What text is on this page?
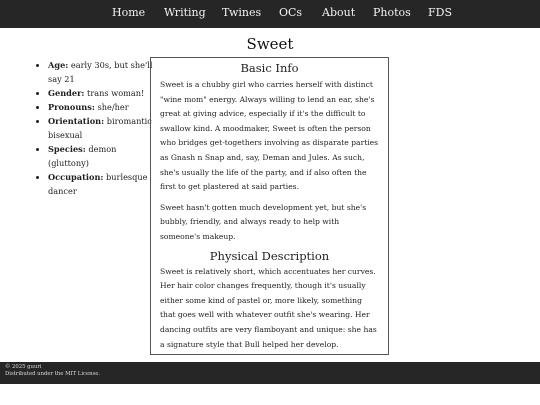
Home Writing Twines OCs About Photos FDS
Sweet
• Age: early 30s, but she'll say 21
• Gender: trans woman!
• Pronouns: she/her
• Orientation: biromantic bisexual
• Species: demon (gluttony)
• Occupation: burlesque dancer
Basic Info

Sweet is a chubby girl who carries herself with distinct "wine mom" energy. Always willing to lend an ear, she's great at giving advice, especially if it's the difficult to swallow kind. A moodmaker, Sweet is often the person who bridges get-togethers involving as disparate parties as Gnash n Snap and, say, Deman and Jules. As such, she's usually the life of the party, and if also often the first to get plastered at said parties.

Sweet hasn't gotten much development yet, but she's bubbly, friendly, and always ready to help with someone's makeup.

Physical Description

Sweet is relatively short, which accentuates her curves. Her hair color changes frequently, though it's usually either some kind of pastel or, more likely, something that goes well with whatever outfit she's wearing. Her dancing outfits are very flamboyant and unique: she has a signature style that Bull helped her develop.

© 2025 guuri
Distributed under the MIT License.
